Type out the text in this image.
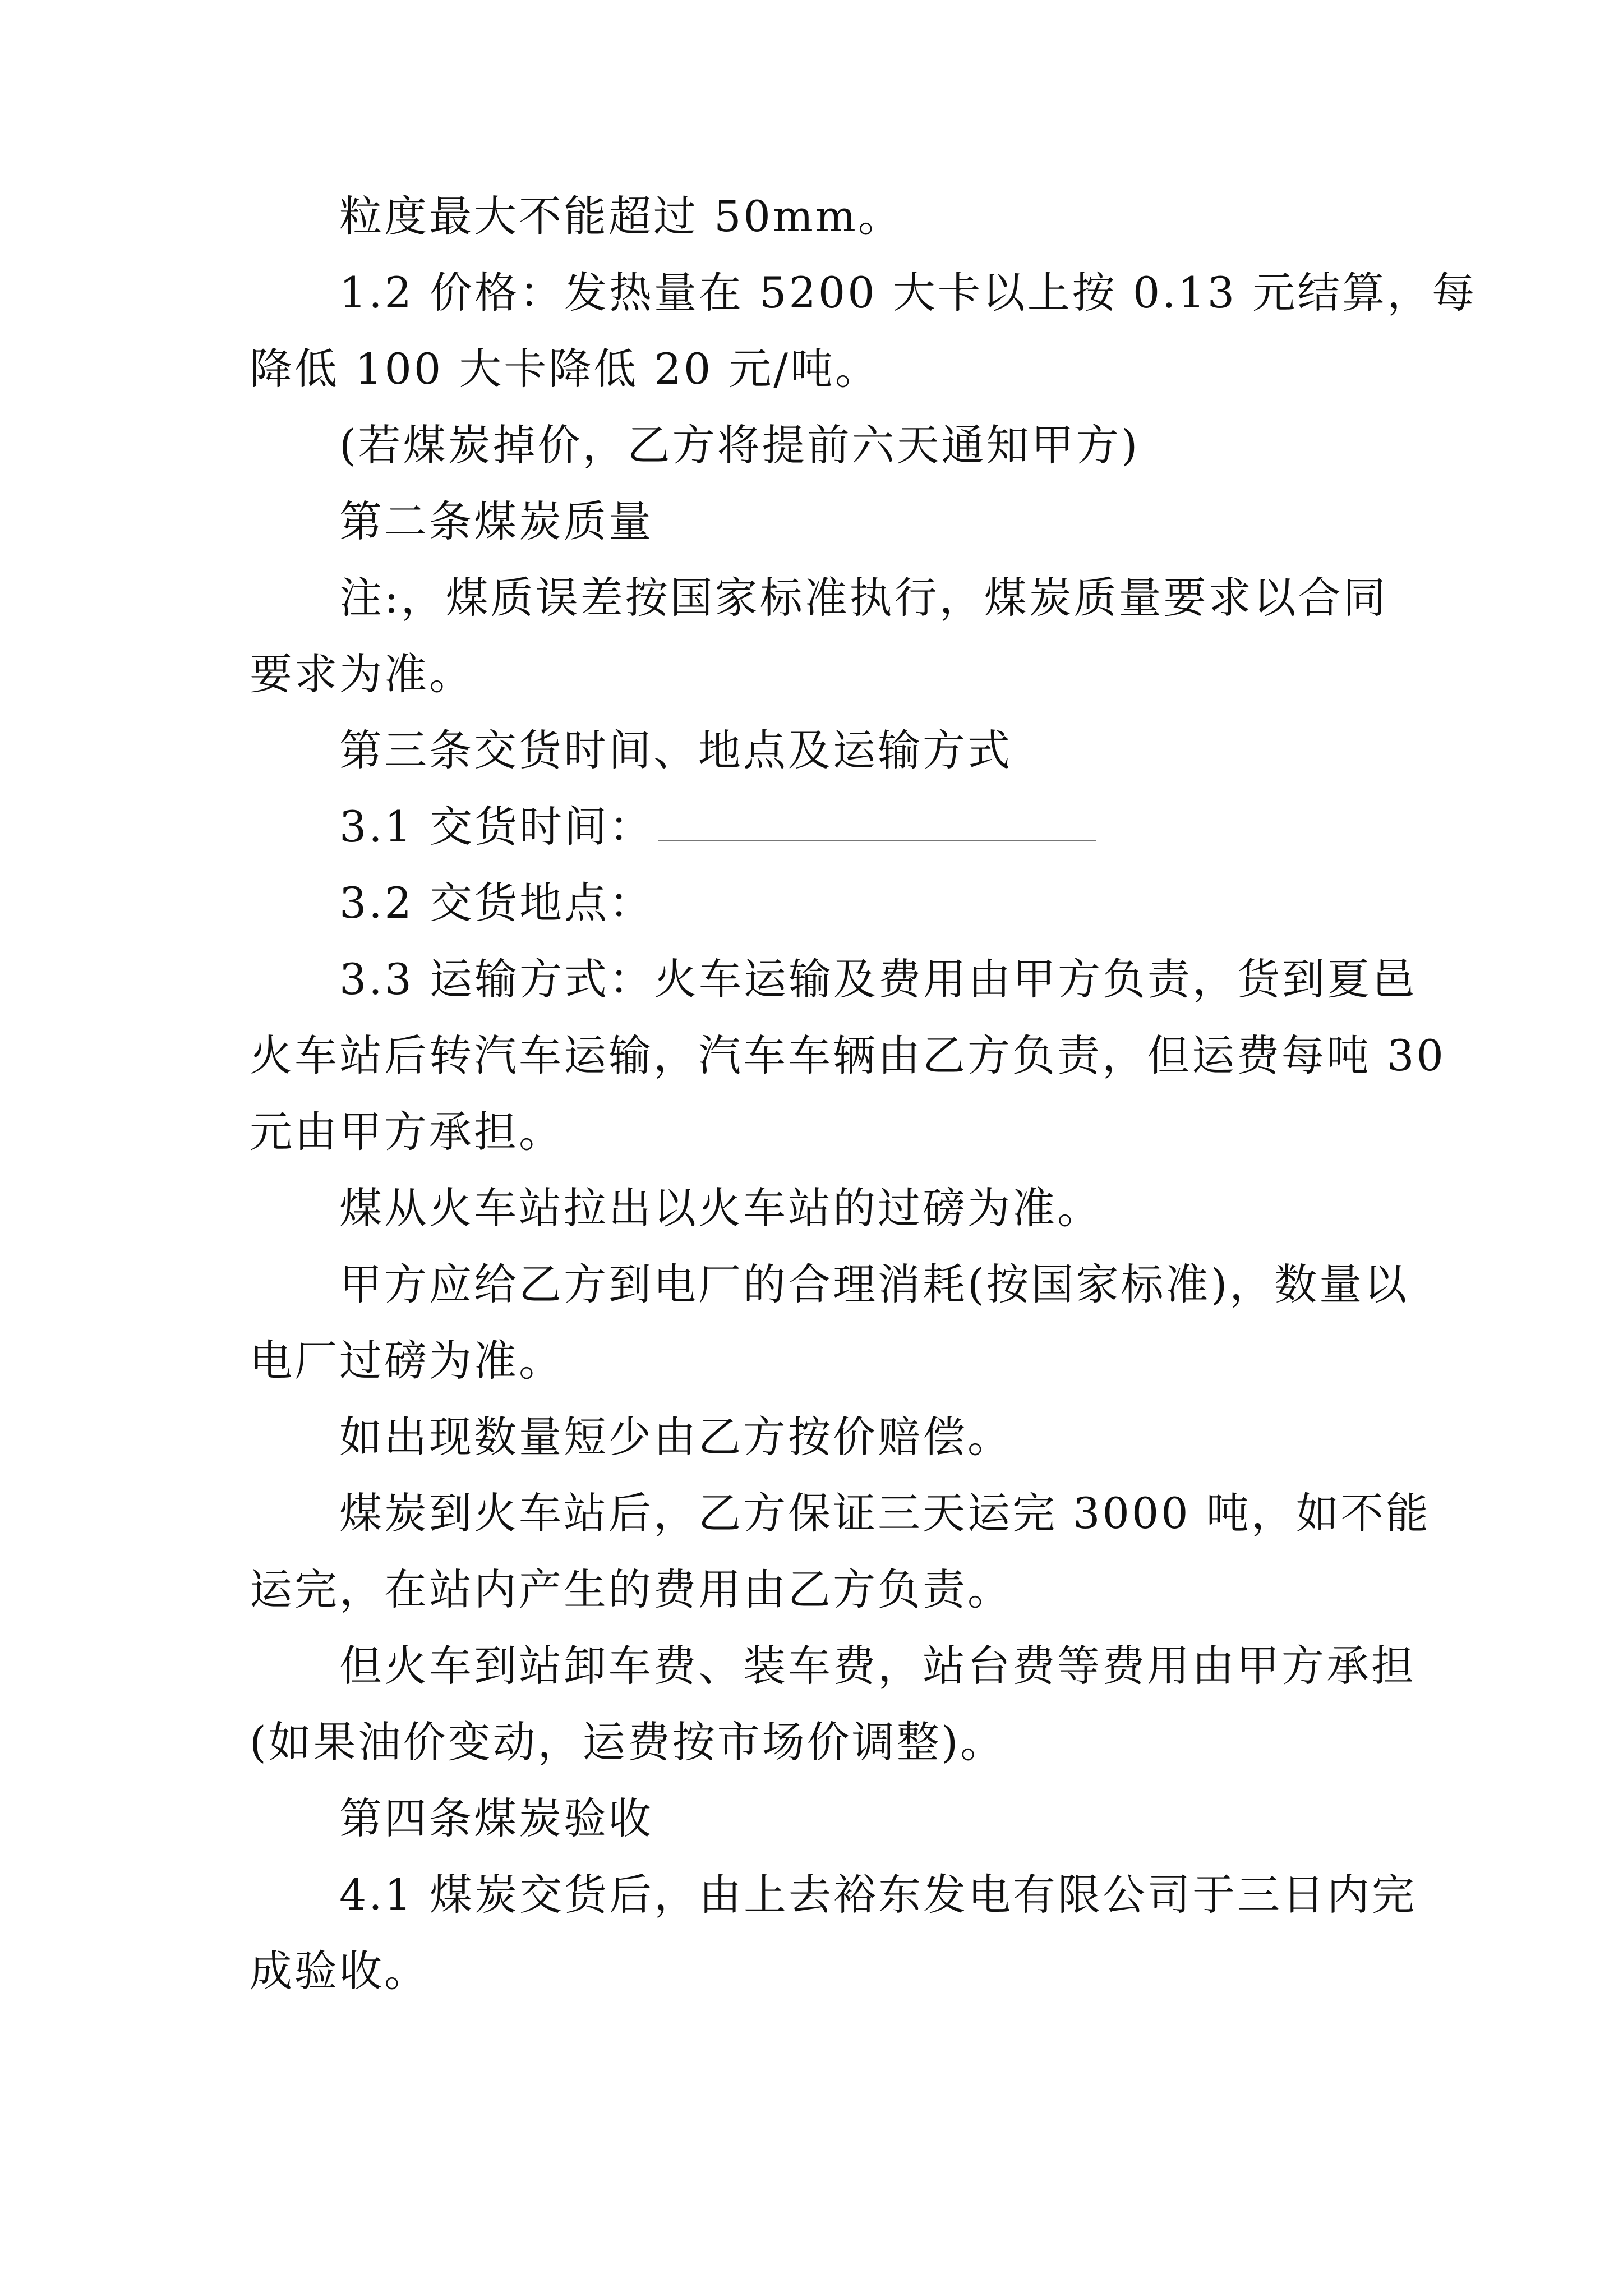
粒度最大不能超过 50mm。
1.2 价格：发热量在 5200 大卡以上按 0.13 元结算，每
降低 100 大卡降低 20 元/吨。
(若煤炭掉价，乙方将提前六天通知甲方)
第二条煤炭质量
注:，煤质误差按国家标准执行，煤炭质量要求以合同
要求为准。
第三条交货时间、地点及运输方式
3.1 交货时间：
3.2 交货地点：
3.3 运输方式：火车运输及费用由甲方负责，货到夏邑
火车站后转汽车运输，汽车车辆由乙方负责，但运费每吨 30
元由甲方承担。
煤从火车站拉出以火车站的过磅为准。
甲方应给乙方到电厂的合理消耗(按国家标准)，数量以
电厂过磅为准。
如出现数量短少由乙方按价赔偿。
煤炭到火车站后，乙方保证三天运完 3000 吨，如不能
运完，在站内产生的费用由乙方负责。
但火车到站卸车费、装车费，站台费等费用由甲方承担
(如果油价变动，运费按市场价调整)。
第四条煤炭验收
4.1 煤炭交货后，由上去裕东发电有限公司于三日内完
成验收。
